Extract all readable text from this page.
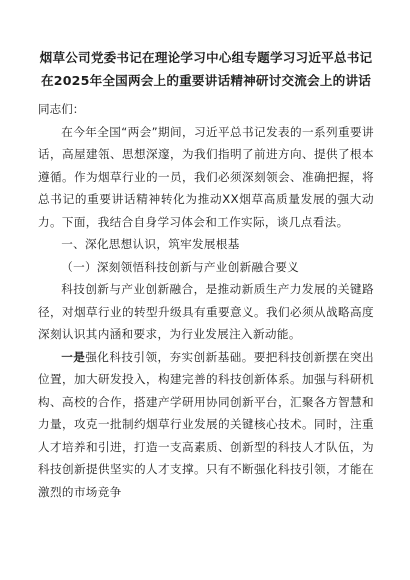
烟草公司党委书记在理论学习中心组专题学习习近平总书记在2025年全国两会上的重要讲话精神研讨交流会上的讲话
同志们：
在今年全国“两会”期间，习近平总书记发表的一系列重要讲话，高屋建瓴、思想深邃，为我们指明了前进方向、提供了根本遵循。作为烟草行业的一员，我们必须深刻领会、准确把握，将总书记的重要讲话精神转化为推动XX烟草高质量发展的强大动力。下面，我结合自身学习体会和工作实际，谈几点看法。
一、深化思想认识，筑牢发展根基
（一）深刻领悟科技创新与产业创新融合要义
科技创新与产业创新融合，是推动新质生产力发展的关键路径，对烟草行业的转型升级具有重要意义。我们必须从战略高度深刻认识其内涵和要求，为行业发展注入新动能。
一是强化科技引领，夯实创新基础。要把科技创新摆在突出位置，加大研发投入，构建完善的科技创新体系。加强与科研机构、高校的合作，搭建产学研用协同创新平台，汇聚各方智慧和力量，攻克一批制约烟草行业发展的关键核心技术。同时，注重人才培养和引进，打造一支高素质、创新型的科技人才队伍，为科技创新提供坚实的人才支撑。只有不断强化科技引领，才能在激烈的市场竞争
